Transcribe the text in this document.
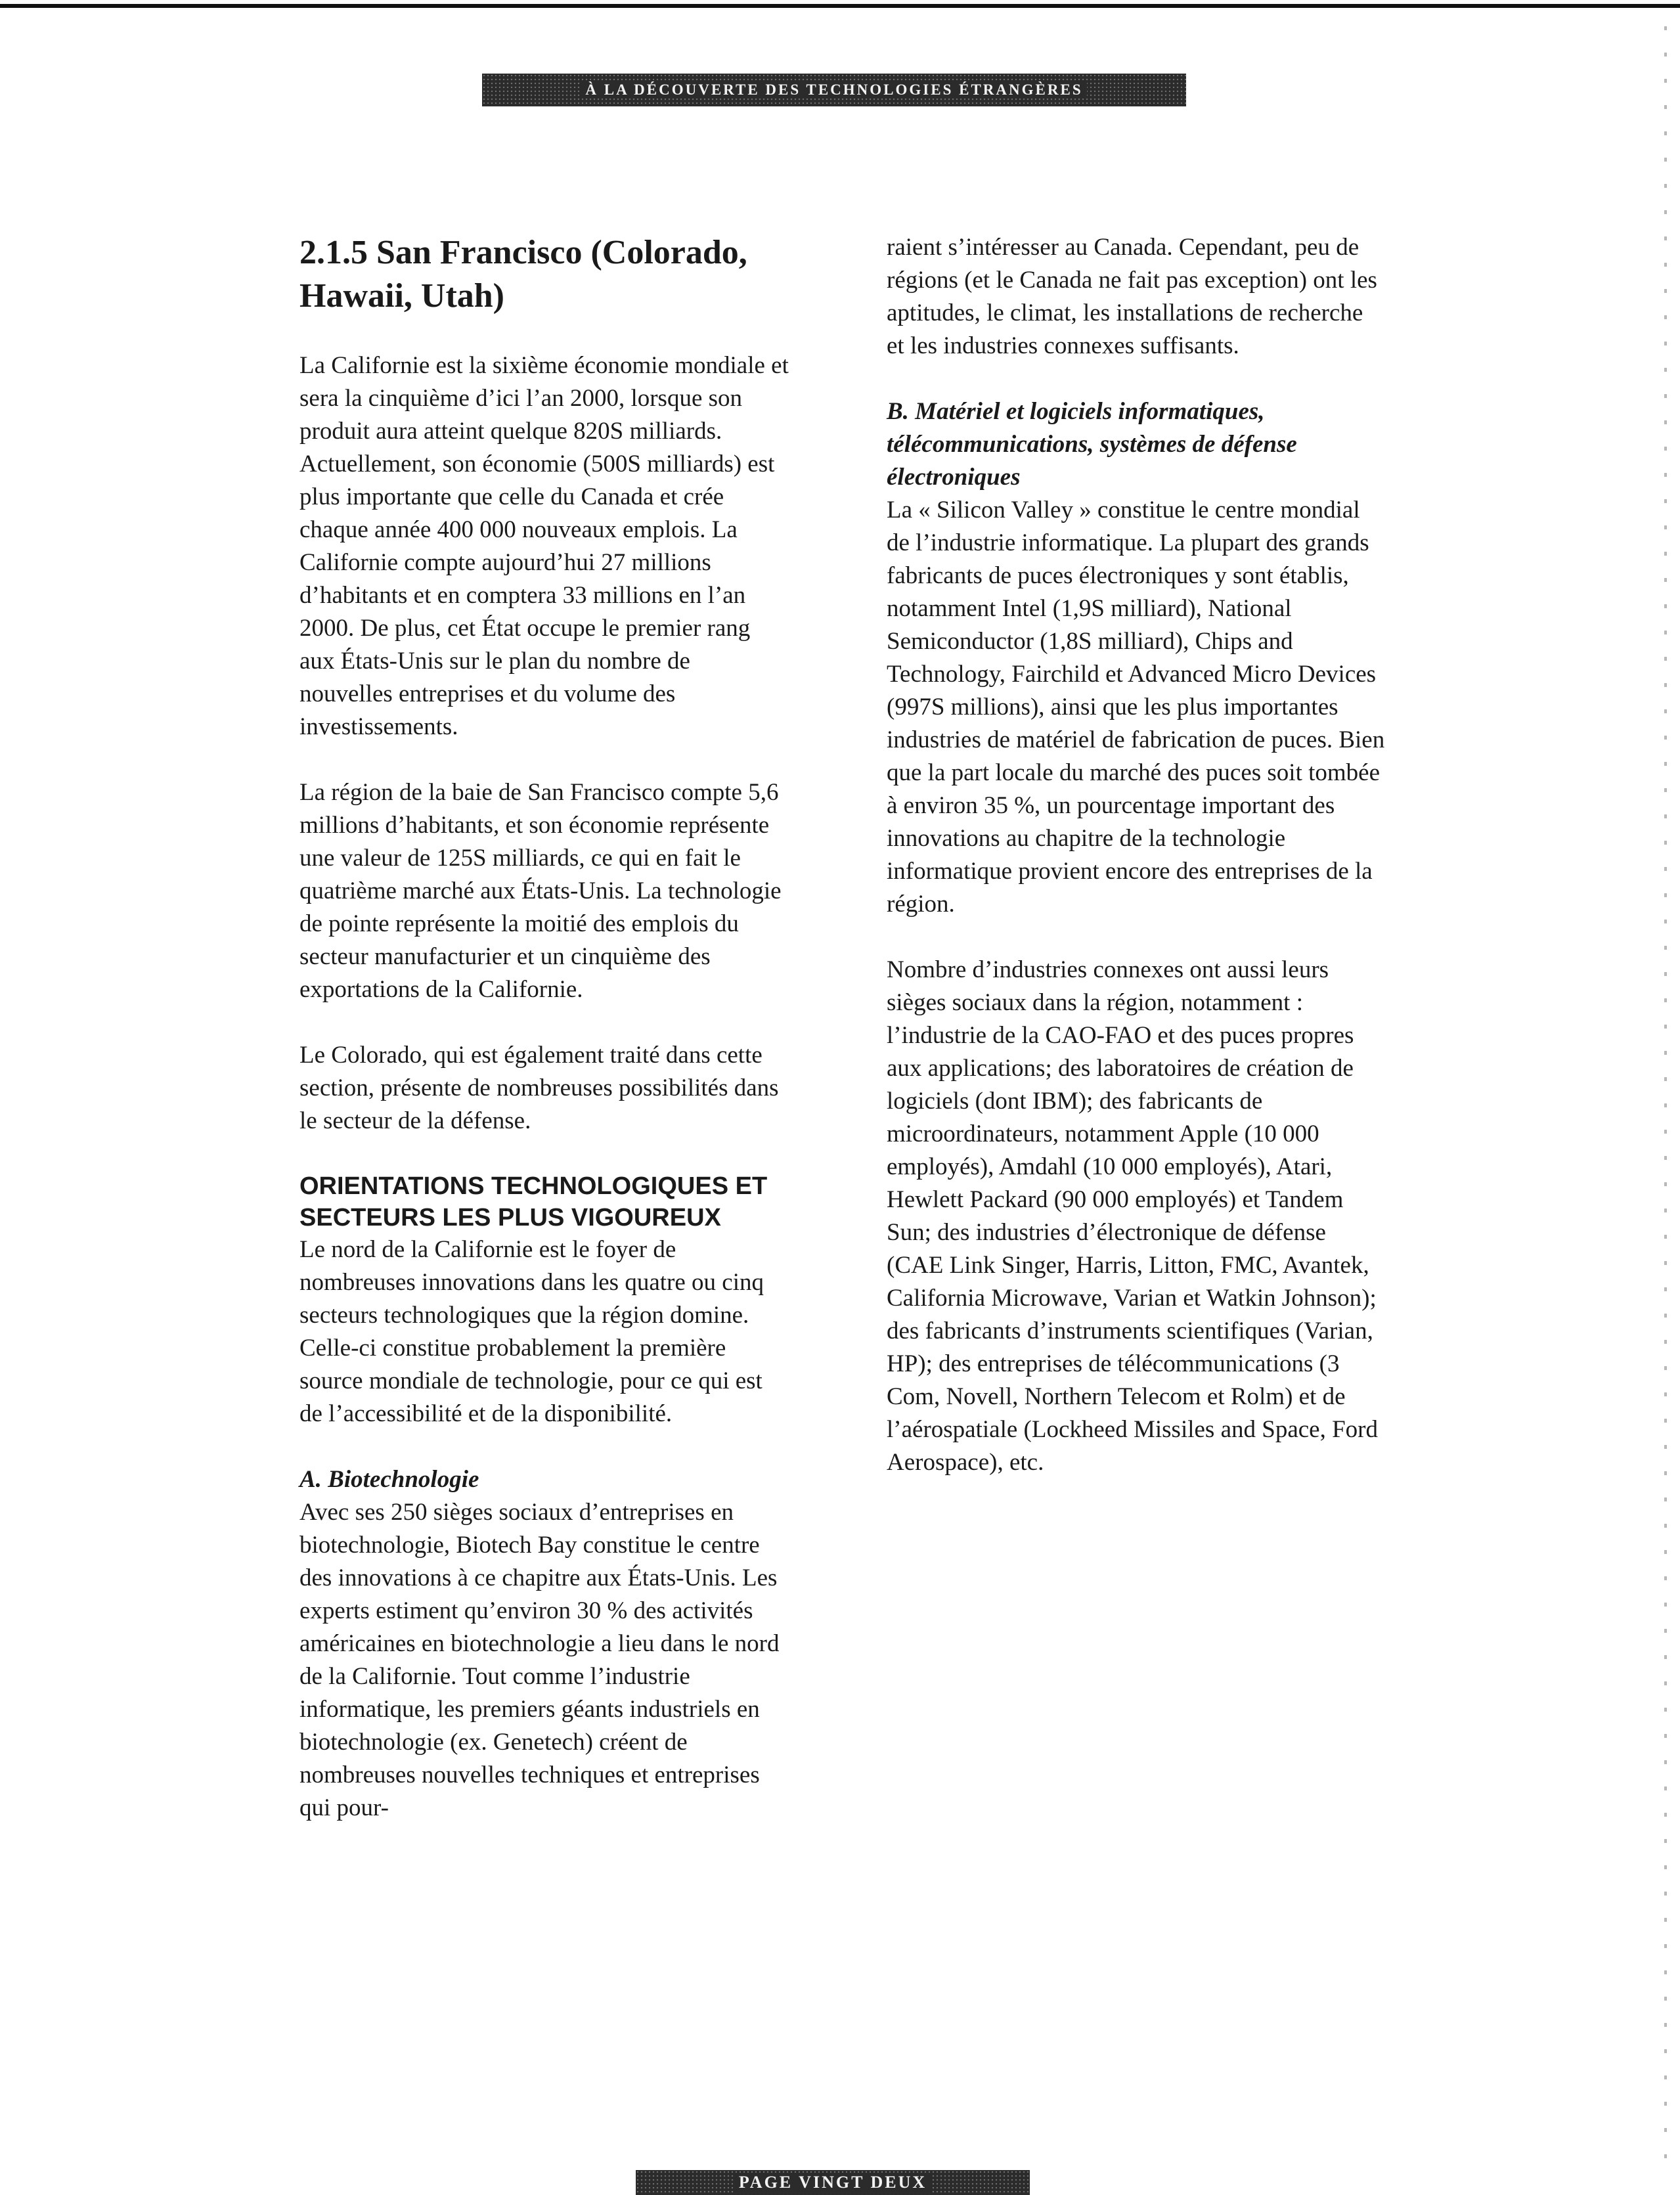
À LA DÉCOUVERTE DES TECHNOLOGIES ÉTRANGÈRES
2.1.5 San Francisco (Colorado, Hawaii, Utah)

La Californie est la sixième économie mondiale et sera la cinquième d’ici l’an 2000, lorsque son produit aura atteint quelque 820S milliards. Actuellement, son économie (500S milliards) est plus importante que celle du Canada et crée chaque année 400 000 nouveaux emplois. La Californie compte aujourd’hui 27 millions d’habitants et en comptera 33 millions en l’an 2000. De plus, cet État occupe le premier rang aux États-Unis sur le plan du nombre de nouvelles entreprises et du volume des investissements.

La région de la baie de San Francisco compte 5,6 millions d’habitants, et son économie représente une valeur de 125S milliards, ce qui en fait le quatrième marché aux États-Unis. La technologie de pointe représente la moitié des emplois du secteur manufacturier et un cinquième des exportations de la Californie.

Le Colorado, qui est également traité dans cette section, présente de nombreuses possibilités dans le secteur de la défense.

ORIENTATIONS TECHNOLOGIQUES ET SECTEURS LES PLUS VIGOUREUX

Le nord de la Californie est le foyer de nombreuses innovations dans les quatre ou cinq secteurs technologiques que la région domine. Celle-ci constitue probablement la première source mondiale de technologie, pour ce qui est de l’accessibilité et de la disponibilité.

A. Biotechnologie

Avec ses 250 sièges sociaux d’entreprises en biotechnologie, Biotech Bay constitue le centre des innovations à ce chapitre aux États-Unis. Les experts estiment qu’environ 30 % des activités américaines en biotechnologie a lieu dans le nord de la Californie. Tout comme l’industrie informatique, les premiers géants industriels en biotechnologie (ex. Genetech) créent de nombreuses nouvelles techniques et entreprises qui pour-

raient s’intéresser au Canada. Cependant, peu de régions (et le Canada ne fait pas exception) ont les aptitudes, le climat, les installations de recherche et les industries connexes suffisants.

B. Matériel et logiciels informatiques, télécommunications, systèmes de défense électroniques

La « Silicon Valley » constitue le centre mondial de l’industrie informatique. La plupart des grands fabricants de puces électroniques y sont établis, notamment Intel (1,9S milliard), National Semiconductor (1,8S milliard), Chips and Technology, Fairchild et Advanced Micro Devices (997S millions), ainsi que les plus importantes industries de matériel de fabrication de puces. Bien que la part locale du marché des puces soit tombée à environ 35 %, un pourcentage important des innovations au chapitre de la technologie informatique provient encore des entreprises de la région.

Nombre d’industries connexes ont aussi leurs sièges sociaux dans la région, notamment : l’industrie de la CAO-FAO et des puces propres aux applications; des laboratoires de création de logiciels (dont IBM); des fabricants de microordinateurs, notamment Apple (10 000 employés), Amdahl (10 000 employés), Atari, Hewlett Packard (90 000 employés) et Tandem Sun; des industries d’électronique de défense (CAE Link Singer, Harris, Litton, FMC, Avantek, California Microwave, Varian et Watkin Johnson); des fabricants d’instruments scientifiques (Varian, HP); des entreprises de télécommunications (3 Com, Novell, Northern Telecom et Rolm) et de l’aérospatiale (Lockheed Missiles and Space, Ford Aerospace), etc.

PAGE VINGT DEUX
